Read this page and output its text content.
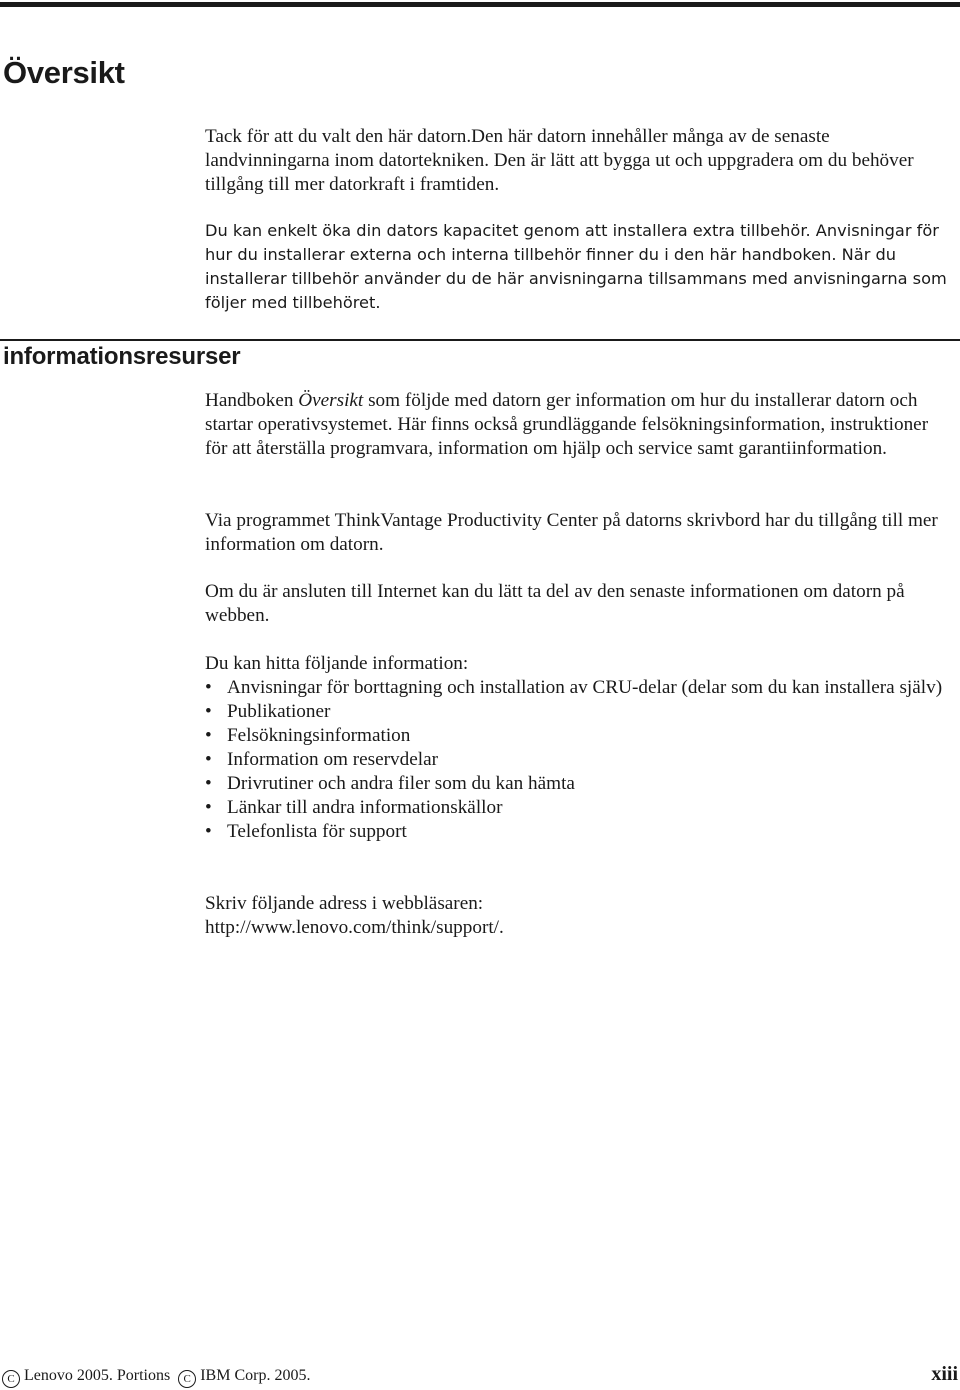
Översikt

Tack för att du valt den här datorn.Den här datorn innehåller många av de senaste landvinningarna inom datortekniken. Den är lätt att bygga ut och uppgradera om du behöver tillgång till mer datorkraft i framtiden.

Du kan enkelt öka din dators kapacitet genom att installera extra tillbehör. Anvisningar för hur du installerar externa och interna tillbehör finner du i den här handboken. När du installerar tillbehör använder du de här anvisningarna tillsammans med anvisningarna som följer med tillbehöret.

informationsresurser

Handboken Översikt som följde med datorn ger information om hur du installerar datorn och startar operativsystemet. Här finns också grundläggande felsökningsinformation, instruktioner för att återställa programvara, information om hjälp och service samt garantiinformation.

Via programmet ThinkVantage Productivity Center på datorns skrivbord har du tillgång till mer information om datorn.

Om du är ansluten till Internet kan du lätt ta del av den senaste informationen om datorn på webben.

Du kan hitta följande information:

• Anvisningar för borttagning och installation av CRU-delar (delar som du kan installera själv)
• Publikationer
• Felsökningsinformation
• Information om reservdelar
• Drivrutiner och andra filer som du kan hämta
• Länkar till andra informationskällor
• Telefonlista för support

Skriv följande adress i webbläsaren:
http://www.lenovo.com/think/support/.

C Lenovo 2005. Portions C IBM Corp. 2005.	xiii
